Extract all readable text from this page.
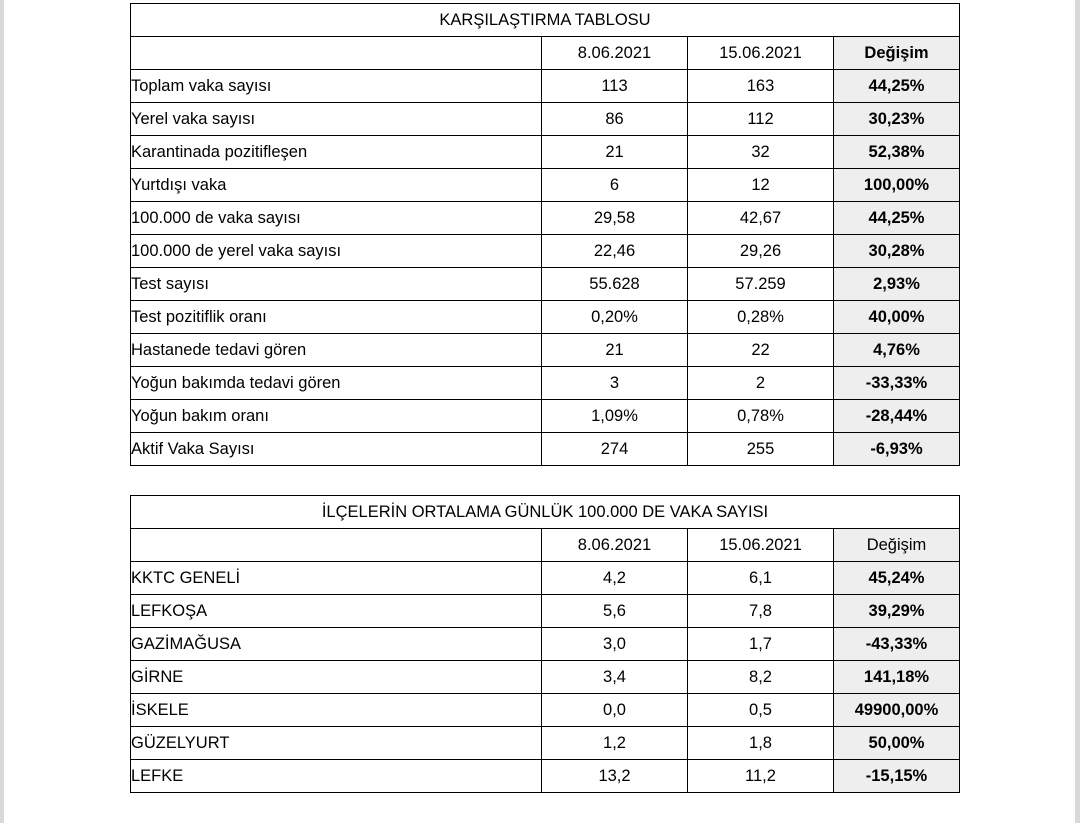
KARŞILAŞTIRMA TABLOSU			
	8.06.2021	15.06.2021	Değişim
Toplam vaka sayısı	113	163	44,25%
Yerel vaka sayısı	86	112	30,23%
Karantinada pozitifleşen	21	32	52,38%
Yurtdışı vaka	6	12	100,00%
100.000 de vaka sayısı	29,58	42,67	44,25%
100.000 de yerel vaka sayısı	22,46	29,26	30,28%
Test sayısı	55.628	57.259	2,93%
Test pozitiflik oranı	0,20%	0,28%	40,00%
Hastanede tedavi gören	21	22	4,76%
Yoğun bakımda tedavi gören	3	2	-33,33%
Yoğun bakım oranı	1,09%	0,78%	-28,44%
Aktif Vaka Sayısı	274	255	-6,93%
İLÇELERİN ORTALAMA GÜNLÜK 100.000 DE VAKA SAYISI			
	8.06.2021	15.06.2021	Değişim
KKTC GENELİ	4,2	6,1	45,24%
LEFKOŞA	5,6	7,8	39,29%
GAZİMAĞUSA	3,0	1,7	-43,33%
GİRNE	3,4	8,2	141,18%
İSKELE	0,0	0,5	49900,00%
GÜZELYURT	1,2	1,8	50,00%
LEFKE	13,2	11,2	-15,15%
